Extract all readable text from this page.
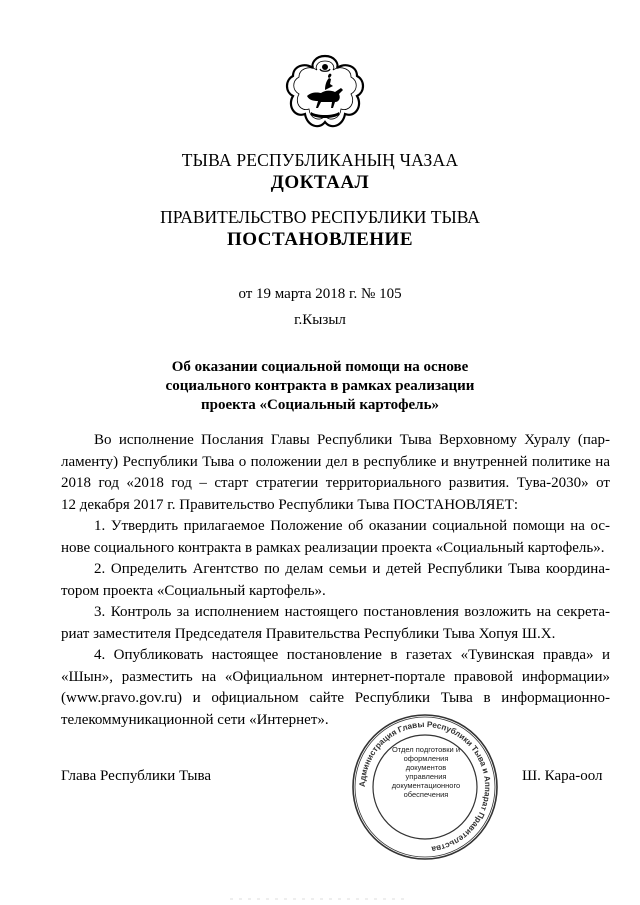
ТЫВА РЕСПУБЛИКАНЫҢ ЧАЗАА
ДОКТААЛ
ПРАВИТЕЛЬСТВО РЕСПУБЛИКИ ТЫВА
ПОСТАНОВЛЕНИЕ
от 19 марта 2018 г. № 105
г.Кызыл
Об оказании социальной помощи на основе
социального контракта в рамках реализации
проекта «Социальный картофель»
Во исполнение Послания Главы Республики Тыва Верховному Хуралу (пар-
ламенту) Республики Тыва о положении дел в республике и внутренней политике на
2018 год «2018 год – старт стратегии территориального развития. Тува-2030» от
12 декабря 2017 г. Правительство Республики Тыва ПОСТАНОВЛЯЕТ:
1. Утвердить прилагаемое Положение об оказании социальной помощи на ос-
нове социального контракта в рамках реализации проекта «Социальный картофель».
2. Определить Агентство по делам семьи и детей Республики Тыва координа-
тором проекта «Социальный картофель».
3. Контроль за исполнением настоящего постановления возложить на секрета-
риат заместителя Председателя Правительства Республики Тыва Хопуя Ш.Х.
4. Опубликовать настоящее постановление в газетах «Тувинская правда» и
«Шын», разместить на «Официальном интернет-портале правовой информации»
(www.pravo.gov.ru) и официальном сайте Республики Тыва в информационно-
телекоммуникационной сети «Интернет».
Администрация Главы Республики Тыва и Аппарат Правительства
Отдел подготовки и оформления документов управления документационного обеспечения
Глава Республики Тыва	Ш. Кара-оол
